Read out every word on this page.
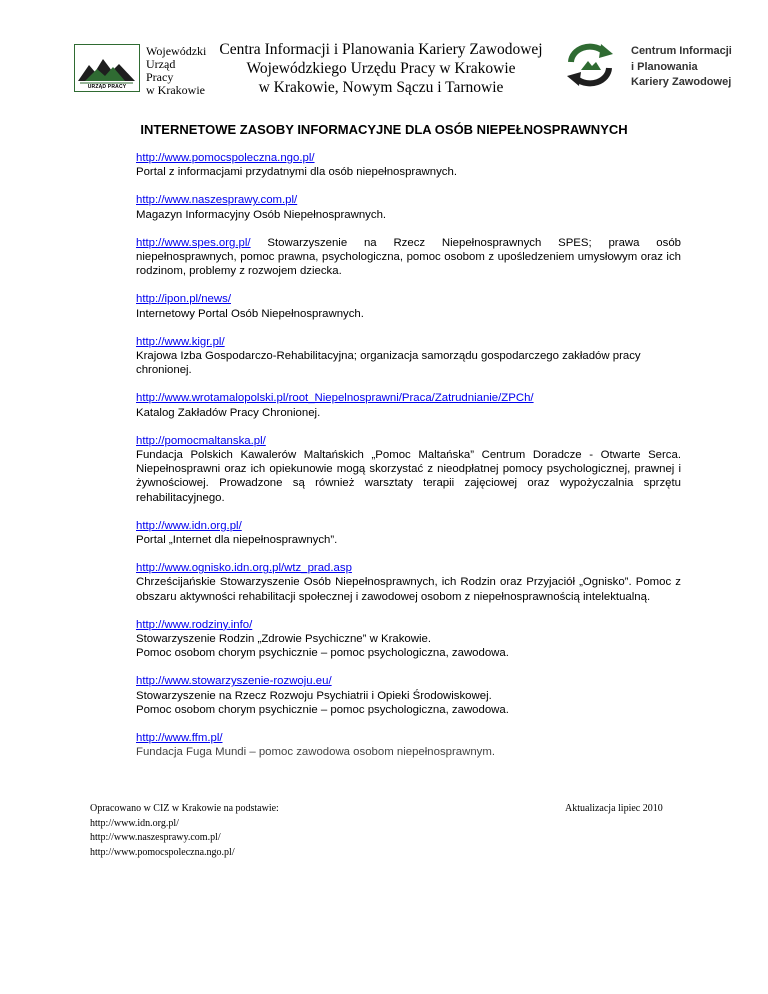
URZĄD PRACY
Wojewódzki
Urząd
Pracy
w Krakowie
Centra Informacji i Planowania Kariery Zawodowej
Wojewódzkiego Urzędu Pracy w Krakowie
w Krakowie, Nowym Sączu i Tarnowie
Centrum Informacji
i Planowania
Kariery Zawodowej
INTERNETOWE ZASOBY INFORMACYJNE DLA OSÓB NIEPEŁNOSPRAWNYCH
http://www.pomocspoleczna.ngo.pl/
Portal z informacjami przydatnymi dla osób niepełnosprawnych.
http://www.naszesprawy.com.pl/
Magazyn Informacyjny Osób Niepełnosprawnych.
http://www.spes.org.pl/ Stowarzyszenie na Rzecz Niepełnosprawnych SPES; prawa osób niepełnosprawnych, pomoc prawna, psychologiczna, pomoc osobom z upośledzeniem umysłowym oraz ich rodzinom, problemy z rozwojem dziecka.
http://ipon.pl/news/
Internetowy Portal Osób Niepełnosprawnych.
http://www.kigr.pl/
Krajowa Izba Gospodarczo-Rehabilitacyjna; organizacja samorządu gospodarczego zakładów pracy chronionej.
http://www.wrotamalopolski.pl/root_Niepelnosprawni/Praca/Zatrudnianie/ZPCh/
Katalog Zakładów Pracy Chronionej.
http://pomocmaltanska.pl/
Fundacja Polskich Kawalerów Maltańskich „Pomoc Maltańska” Centrum Doradcze - Otwarte Serca. Niepełnosprawni oraz ich opiekunowie mogą skorzystać z nieodpłatnej pomocy psychologicznej, prawnej i żywnościowej. Prowadzone są również warsztaty terapii zajęciowej oraz wypożyczalnia sprzętu rehabilitacyjnego.
http://www.idn.org.pl/
Portal „Internet dla niepełnosprawnych”.
http://www.ognisko.idn.org.pl/wtz_prad.asp
Chrześcijańskie Stowarzyszenie Osób Niepełnosprawnych, ich Rodzin oraz Przyjaciół „Ognisko”. Pomoc z obszaru aktywności rehabilitacji społecznej i zawodowej osobom z niepełnosprawnością intelektualną.
http://www.rodziny.info/
Stowarzyszenie Rodzin „Zdrowie Psychiczne” w Krakowie.
Pomoc osobom chorym psychicznie – pomoc psychologiczna, zawodowa.
http://www.stowarzyszenie-rozwoju.eu/
Stowarzyszenie na Rzecz Rozwoju Psychiatrii i Opieki Środowiskowej.
Pomoc osobom chorym psychicznie – pomoc psychologiczna, zawodowa.
http://www.ffm.pl/
Fundacja Fuga Mundi – pomoc zawodowa osobom niepełnosprawnym.
Opracowano w CIZ w Krakowie na podstawie:
http://www.idn.org.pl/
http://www.naszesprawy.com.pl/
http://www.pomocspoleczna.ngo.pl/
Aktualizacja lipiec 2010
